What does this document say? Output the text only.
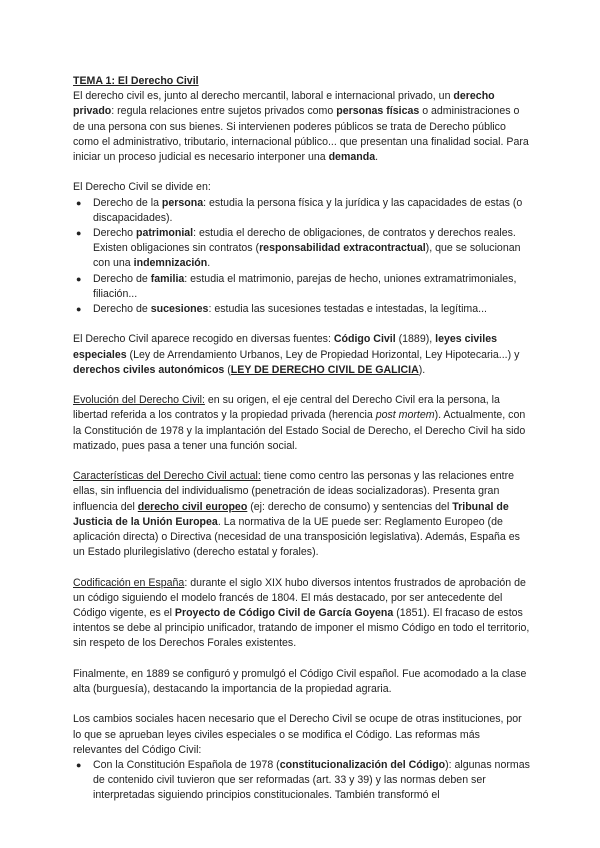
TEMA 1: El Derecho Civil

El derecho civil es, junto al derecho mercantil, laboral e internacional privado, un derecho privado: regula relaciones entre sujetos privados como personas físicas o administraciones o de una persona con sus bienes. Si intervienen poderes públicos se trata de Derecho público como el administrativo, tributario, internacional público... que presentan una finalidad social. Para iniciar un proceso judicial es necesario interponer una demanda.

El Derecho Civil se divide en:

● Derecho de la persona: estudia la persona física y la jurídica y las capacidades de estas (o discapacidades).
● Derecho patrimonial: estudia el derecho de obligaciones, de contratos y derechos reales. Existen obligaciones sin contratos (responsabilidad extracontractual), que se solucionan con una indemnización.
● Derecho de familia: estudia el matrimonio, parejas de hecho, uniones extramatrimoniales, filiación...
● Derecho de sucesiones: estudia las sucesiones testadas e intestadas, la legítima...

El Derecho Civil aparece recogido en diversas fuentes: Código Civil (1889), leyes civiles especiales (Ley de Arrendamiento Urbanos, Ley de Propiedad Horizontal, Ley Hipotecaria...) y derechos civiles autonómicos (LEY DE DERECHO CIVIL DE GALICIA).

Evolución del Derecho Civil: en su origen, el eje central del Derecho Civil era la persona, la libertad referida a los contratos y la propiedad privada (herencia post mortem). Actualmente, con la Constitución de 1978 y la implantación del Estado Social de Derecho, el Derecho Civil ha sido matizado, pues pasa a tener una función social.

Características del Derecho Civil actual: tiene como centro las personas y las relaciones entre ellas, sin influencia del individualismo (penetración de ideas socializadoras). Presenta gran influencia del derecho civil europeo (ej: derecho de consumo) y sentencias del Tribunal de Justicia de la Unión Europea. La normativa de la UE puede ser: Reglamento Europeo (de aplicación directa) o Directiva (necesidad de una transposición legislativa). Además, España es un Estado plurilegislativo (derecho estatal y forales).

Codificación en España: durante el siglo XIX hubo diversos intentos frustrados de aprobación de un código siguiendo el modelo francés de 1804. El más destacado, por ser antecedente del Código vigente, es el Proyecto de Código Civil de García Goyena (1851). El fracaso de estos intentos se debe al principio unificador, tratando de imponer el mismo Código en todo el territorio, sin respeto de los Derechos Forales existentes.

Finalmente, en 1889 se configuró y promulgó el Código Civil español. Fue acomodado a la clase alta (burguesía), destacando la importancia de la propiedad agraria.

Los cambios sociales hacen necesario que el Derecho Civil se ocupe de otras instituciones, por lo que se aprueban leyes civiles especiales o se modifica el Código. Las reformas más relevantes del Código Civil:

● Con la Constitución Española de 1978 (constitucionalización del Código): algunas normas de contenido civil tuvieron que ser reformadas (art. 33 y 39) y las normas deben ser interpretadas siguiendo principios constitucionales. También transformó el
